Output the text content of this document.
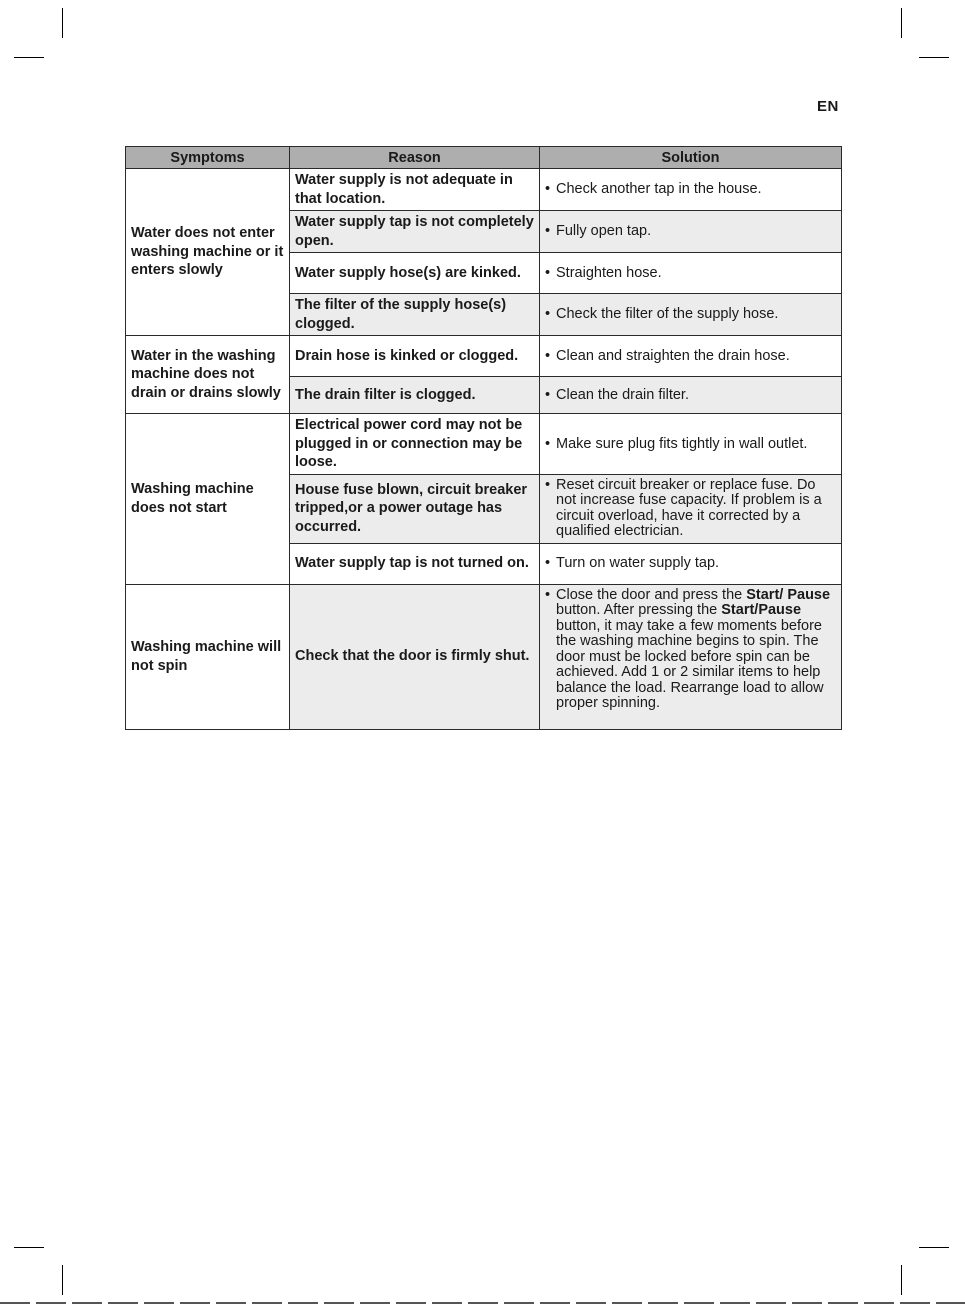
EN
Symptoms	Reason	Solution
Water does not enter washing machine or it enters slowly	Water supply is not adequate in that location.	• Check another tap in the house.

	Water supply tap is not completely open.	• Fully open tap.

	Water supply hose(s) are kinked.	• Straighten hose.

	The filter of the supply hose(s) clogged.	• Check the filter of the supply hose.

Water in the washing machine does not drain or drains slowly	Drain hose is kinked or clogged.	• Clean and straighten the drain hose.

	The drain filter is clogged.	• Clean the drain filter.

Washing machine does not start	Electrical power cord may not be plugged in or connection may be loose.	• Make sure plug fits tightly in wall outlet.

	House fuse blown, circuit breaker tripped,or a power outage has occurred.	• Reset circuit breaker or replace fuse. Do not increase fuse capacity. If problem is a circuit overload, have it corrected by a qualified electrician.

	Water supply tap is not turned on.	• Turn on water supply tap.

Washing machine will not spin	Check that the door is firmly shut.	• Close the door and press the Start/ Pause button. After pressing the Start/Pause button, it may take a few moments before the washing machine begins to spin. The door must be locked before spin can be achieved. Add 1 or 2 similar items to help balance the load. Rearrange load to allow proper spinning.
